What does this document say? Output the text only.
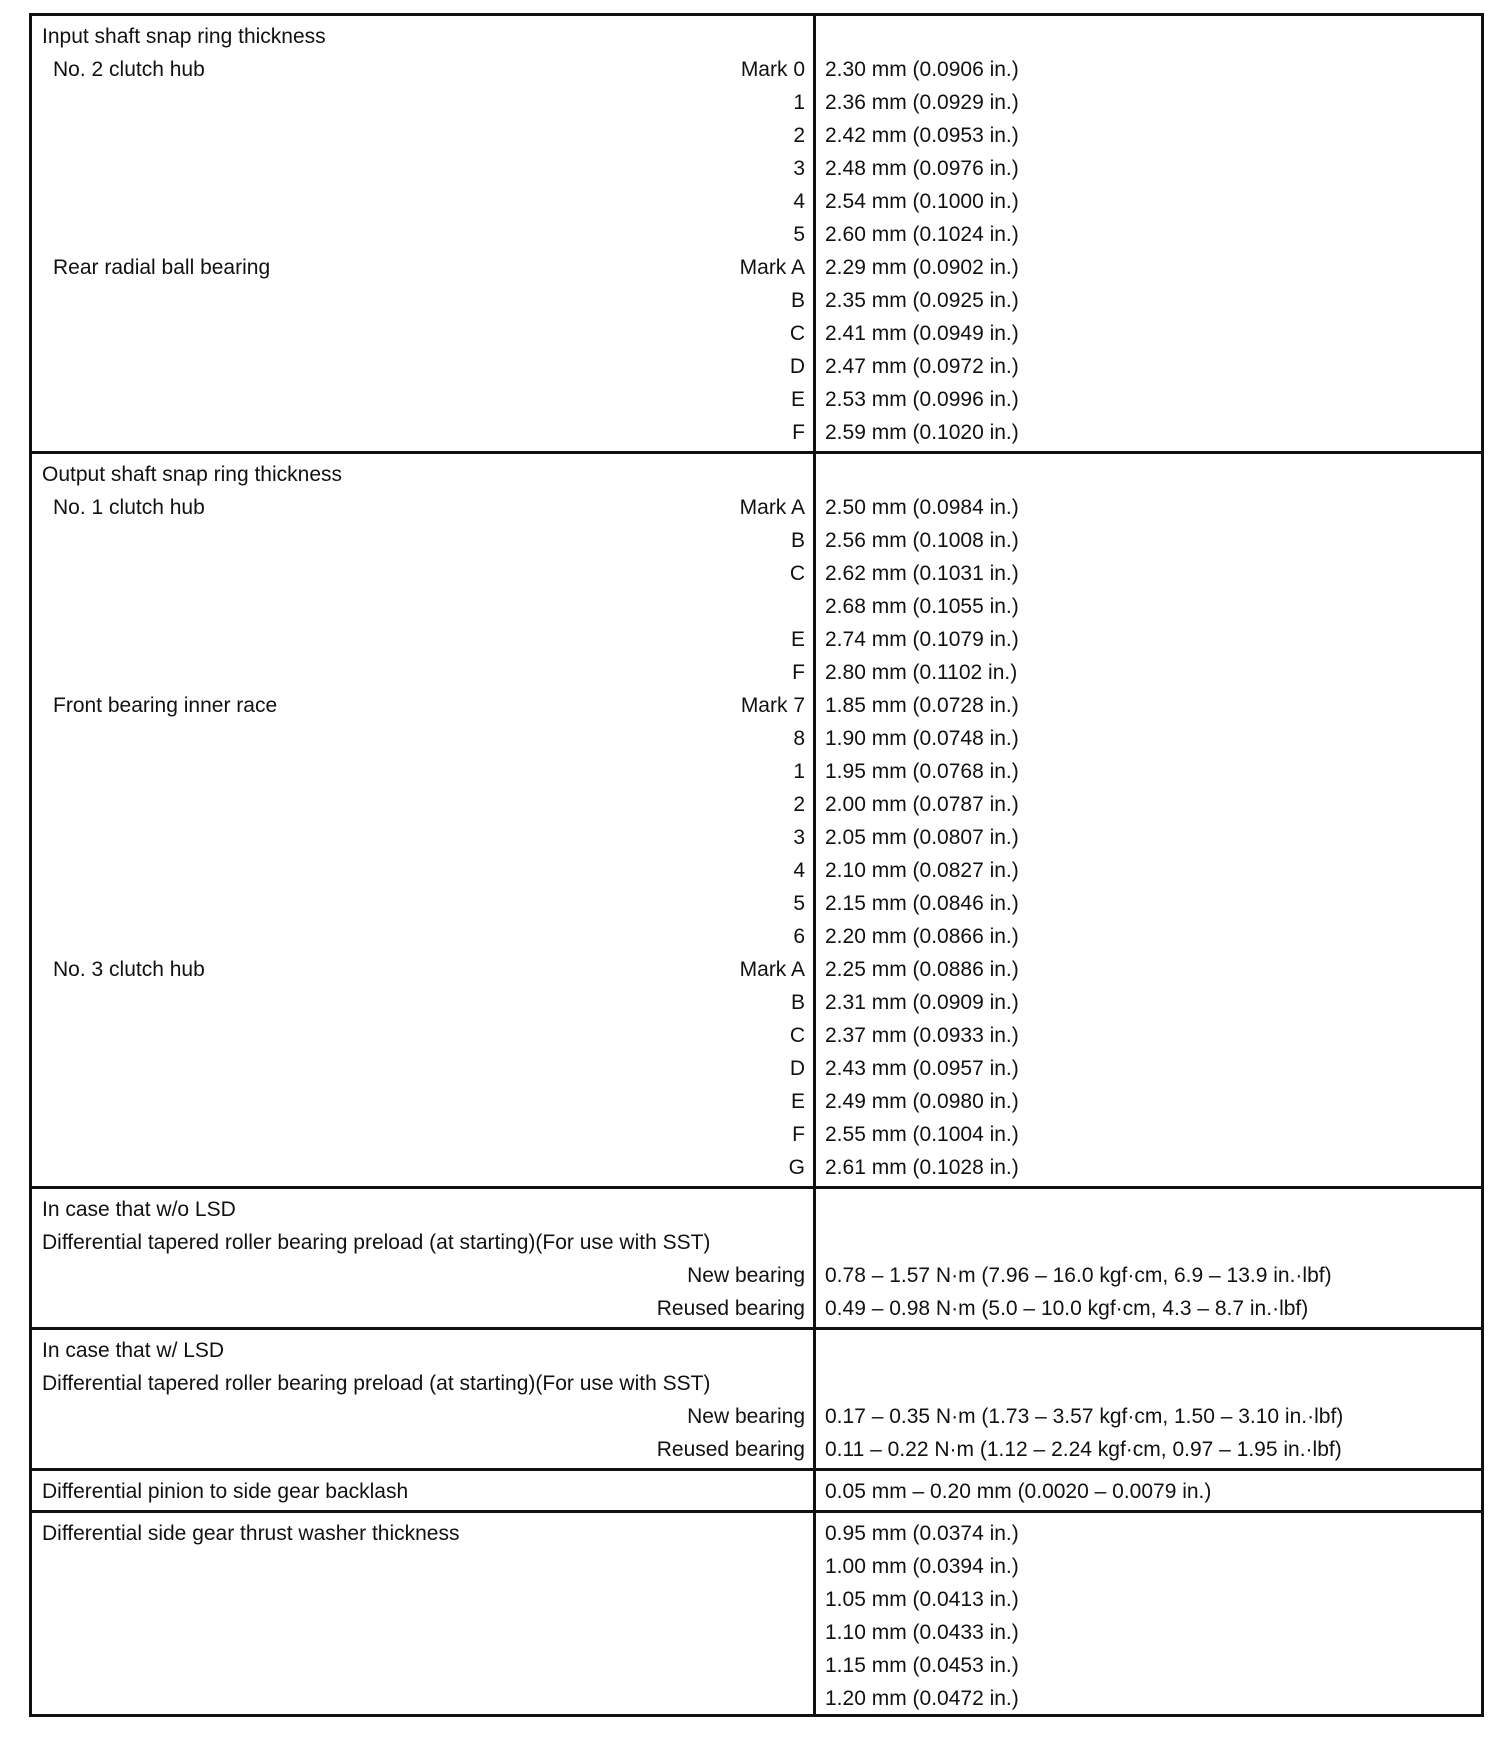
Input shaft snap ring thickness
No. 2 clutch hub	Mark 0 2.30 mm (0.0906 in.)
1 2.36 mm (0.0929 in.)
2 2.42 mm (0.0953 in.)
3 2.48 mm (0.0976 in.)
4 2.54 mm (0.1000 in.)
5 2.60 mm (0.1024 in.)
Rear radial ball bearing	Mark A 2.29 mm (0.0902 in.)
B 2.35 mm (0.0925 in.)
C 2.41 mm (0.0949 in.)
D 2.47 mm (0.0972 in.)
E 2.53 mm (0.0996 in.)
F 2.59 mm (0.1020 in.)
Output shaft snap ring thickness
No. 1 clutch hub	Mark A 2.50 mm (0.0984 in.)
B 2.56 mm (0.1008 in.)
C 2.62 mm (0.1031 in.)
2.68 mm (0.1055 in.)
E 2.74 mm (0.1079 in.)
F 2.80 mm (0.1102 in.)
Front bearing inner race	Mark 7 1.85 mm (0.0728 in.)
8 1.90 mm (0.0748 in.)
1 1.95 mm (0.0768 in.)
2 2.00 mm (0.0787 in.)
3 2.05 mm (0.0807 in.)
4 2.10 mm (0.0827 in.)
5 2.15 mm (0.0846 in.)
6 2.20 mm (0.0866 in.)
No. 3 clutch hub	Mark A 2.25 mm (0.0886 in.)
B 2.31 mm (0.0909 in.)
C 2.37 mm (0.0933 in.)
D 2.43 mm (0.0957 in.)
E 2.49 mm (0.0980 in.)
F 2.55 mm (0.1004 in.)
G 2.61 mm (0.1028 in.)
In case that w/o LSD
Differential tapered roller bearing preload (at starting)(For use with SST)
New bearing 0.78 – 1.57 N·m (7.96 – 16.0 kgf·cm, 6.9 – 13.9 in.·lbf)
Reused bearing 0.49 – 0.98 N·m (5.0 – 10.0 kgf·cm, 4.3 – 8.7 in.·lbf)
In case that w/ LSD
Differential tapered roller bearing preload (at starting)(For use with SST)
New bearing 0.17 – 0.35 N·m (1.73 – 3.57 kgf·cm, 1.50 – 3.10 in.·lbf)
Reused bearing 0.11 – 0.22 N·m (1.12 – 2.24 kgf·cm, 0.97 – 1.95 in.·lbf)
Differential pinion to side gear backlash	0.05 mm – 0.20 mm (0.0020 – 0.0079 in.)
Differential side gear thrust washer thickness	0.95 mm (0.0374 in.)
1.00 mm (0.0394 in.)
1.05 mm (0.0413 in.)
1.10 mm (0.0433 in.)
1.15 mm (0.0453 in.)
1.20 mm (0.0472 in.)
